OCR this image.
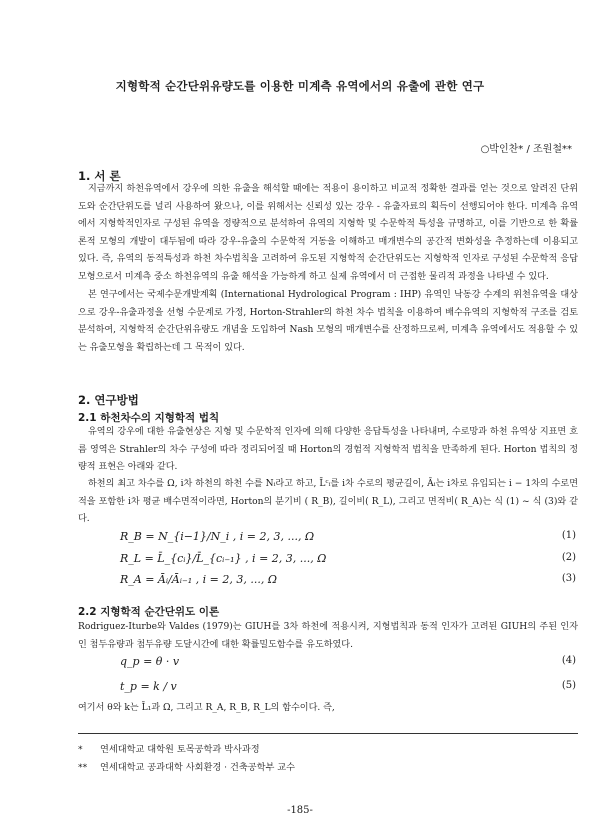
지형학적 순간단위유량도를 이용한 미계측 유역에서의 유출에 관한 연구
○박인찬* / 조원철**
1. 서 론

지금까지 하천유역에서 강우에 의한 유출을 해석할 때에는 적용이 용이하고 비교적 정확한 결과를 얻는 것으로 알려진 단위도와 순간단위도를 널리 사용하여 왔으나, 이를 위해서는 신뢰성 있는 강우 - 유출자료의 획득이 선행되어야 한다. 미계측 유역에서 지형학적인자로 구성된 유역을 정량적으로 분석하여 유역의 지형학 및 수문학적 특성을 규명하고, 이를 기반으로 한 확률론적 모형의 개발이 대두됨에 따라 강우-유출의 수문학적 거동을 이해하고 매개변수의 공간적 변화성을 추정하는데 이용되고 있다. 즉, 유역의 동적특성과 하천 차수법칙을 고려하여 유도된 지형학적 순간단위도는 지형학적 인자로 구성된 수문학적 응답모형으로서 미계측 중소 하천유역의 유출 해석을 가능하게 하고 실제 유역에서 더 근접한 물리적 과정을 나타낼 수 있다.

본 연구에서는 국제수문개발계획 (International Hydrological Program : IHP) 유역인 낙동강 수계의 위천유역을 대상으로 강우-유출과정을 선형 수문계로 가정, Horton-Strahler의 하천 차수 법칙을 이용하여 배수유역의 지형학적 구조를 검토 분석하여, 지형학적 순간단위유량도 개념을 도입하여 Nash 모형의 매개변수를 산정하므로써, 미계측 유역에서도 적용할 수 있는 유출모형을 확립하는데 그 목적이 있다.

2. 연구방법
2.1 하천차수의 지형학적 법칙

유역의 강우에 대한 유출현상은 지형 및 수문학적 인자에 의해 다양한 응답특성을 나타내며, 수로망과 하천 유역상 지표면 흐름 영역은 Strahler의 차수 구성에 따라 정리되어질 때 Horton의 경험적 지형학적 법칙을 만족하게 된다. Horton 법칙의 정량적 표현은 아래와 같다.

하천의 최고 차수를 Ω, i차 하천의 하천 수를 Nᵢ라고 하고, L̄ᶜᵢ를 i차 수로의 평균길이, Āᵢ는 i차로 유입되는 i − 1차의 수로면적을 포함한 i차 평균 배수면적이라면, Horton의 분기비 ( R_B), 길이비( R_L), 그리고 면적비( R_A)는 식 (1) ~ 식 (3)와 같다.

R_B = N_{i−1}/N_i , i = 2, 3, ..., Ω	(1)
R_L = L̄_{cᵢ}/L̄_{cᵢ₋₁} , i = 2, 3, ..., Ω	(2)
R_A = Āᵢ/Āᵢ₋₁ , i = 2, 3, ..., Ω	(3)
2.2 지형학적 순간단위도 이론

Rodriguez-Iturbe와 Valdes (1979)는 GIUH를 3차 하천에 적용시켜, 지형법칙과 동적 인자가 고려된 GIUH의 주된 인자인 첨두유량과 첨두유량 도달시간에 대한 확률밀도함수를 유도하였다.

q_p = θ · v	(4)
t_p = k / v	(5)

여기서 θ와 k는 L̄₁과 Ω, 그리고 R_A, R_B, R_L의 함수이다. 즉,

* 연세대학교 대학원 토목공학과 박사과정
** 연세대학교 공과대학 사회환경 · 건축공학부 교수
-185-
